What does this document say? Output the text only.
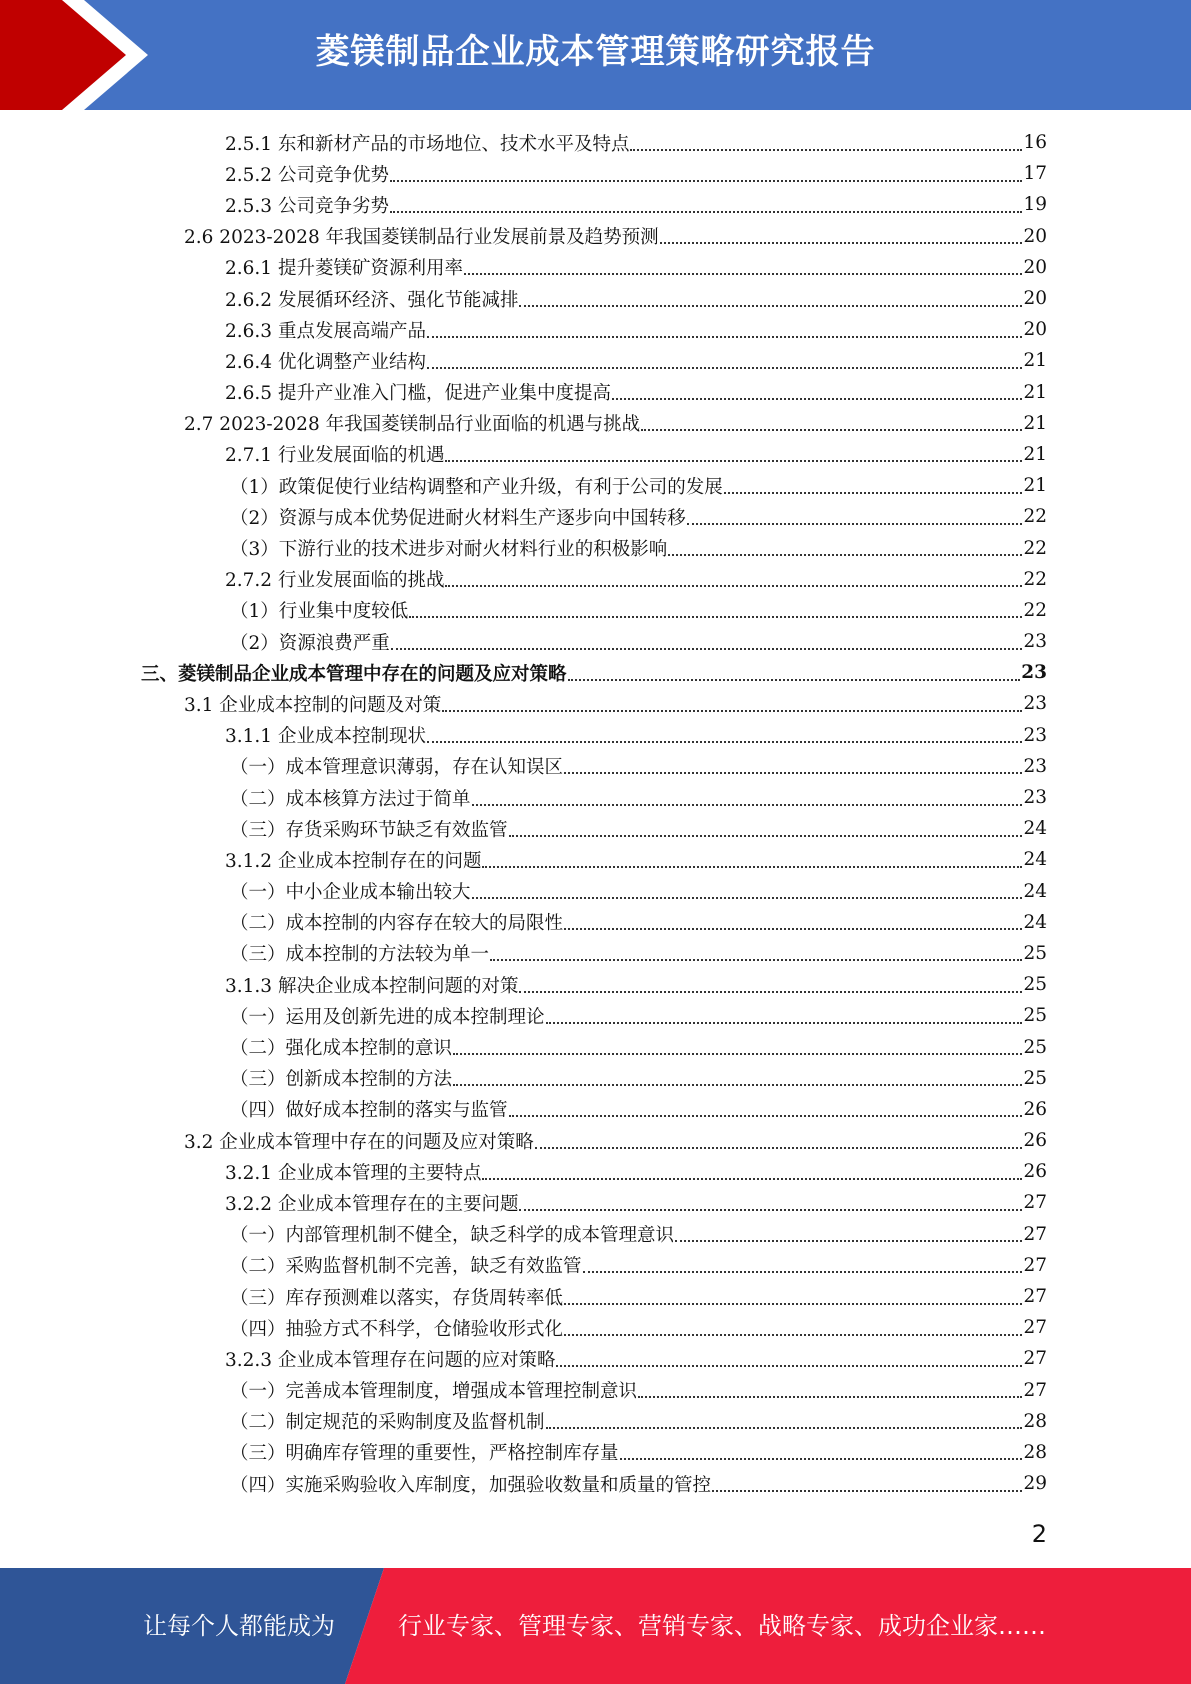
菱镁制品企业成本管理策略研究报告
2.5.1 东和新材产品的市场地位、技术水平及特点	16
2.5.2 公司竞争优势	17
2.5.3 公司竞争劣势	19
2.6 2023-2028 年我国菱镁制品行业发展前景及趋势预测	20
2.6.1 提升菱镁矿资源利用率	20
2.6.2 发展循环经济、强化节能减排	20
2.6.3 重点发展高端产品	20
2.6.4 优化调整产业结构	21
2.6.5 提升产业准入门槛，促进产业集中度提高	21
2.7 2023-2028 年我国菱镁制品行业面临的机遇与挑战	21
2.7.1 行业发展面临的机遇	21
（1）政策促使行业结构调整和产业升级，有利于公司的发展	21
（2）资源与成本优势促进耐火材料生产逐步向中国转移	22
（3）下游行业的技术进步对耐火材料行业的积极影响	22
2.7.2 行业发展面临的挑战	22
（1）行业集中度较低	22
（2）资源浪费严重	23
三、菱镁制品企业成本管理中存在的问题及应对策略	23
3.1 企业成本控制的问题及对策	23
3.1.1 企业成本控制现状	23
（一）成本管理意识薄弱，存在认知误区	23
（二）成本核算方法过于简单	23
（三）存货采购环节缺乏有效监管	24
3.1.2 企业成本控制存在的问题	24
（一）中小企业成本输出较大	24
（二）成本控制的内容存在较大的局限性	24
（三）成本控制的方法较为单一	25
3.1.3 解决企业成本控制问题的对策	25
（一）运用及创新先进的成本控制理论	25
（二）强化成本控制的意识	25
（三）创新成本控制的方法	25
（四）做好成本控制的落实与监管	26
3.2 企业成本管理中存在的问题及应对策略	26
3.2.1 企业成本管理的主要特点	26
3.2.2 企业成本管理存在的主要问题	27
（一）内部管理机制不健全，缺乏科学的成本管理意识	27
（二）采购监督机制不完善，缺乏有效监管	27
（三）库存预测难以落实，存货周转率低	27
（四）抽验方式不科学，仓储验收形式化	27
3.2.3 企业成本管理存在问题的应对策略	27
（一）完善成本管理制度，增强成本管理控制意识	27
（二）制定规范的采购制度及监督机制	28
（三）明确库存管理的重要性，严格控制库存量	28
（四）实施采购验收入库制度，加强验收数量和质量的管控	29
2
让每个人都能成为	行业专家、管理专家、营销专家、战略专家、成功企业家……
